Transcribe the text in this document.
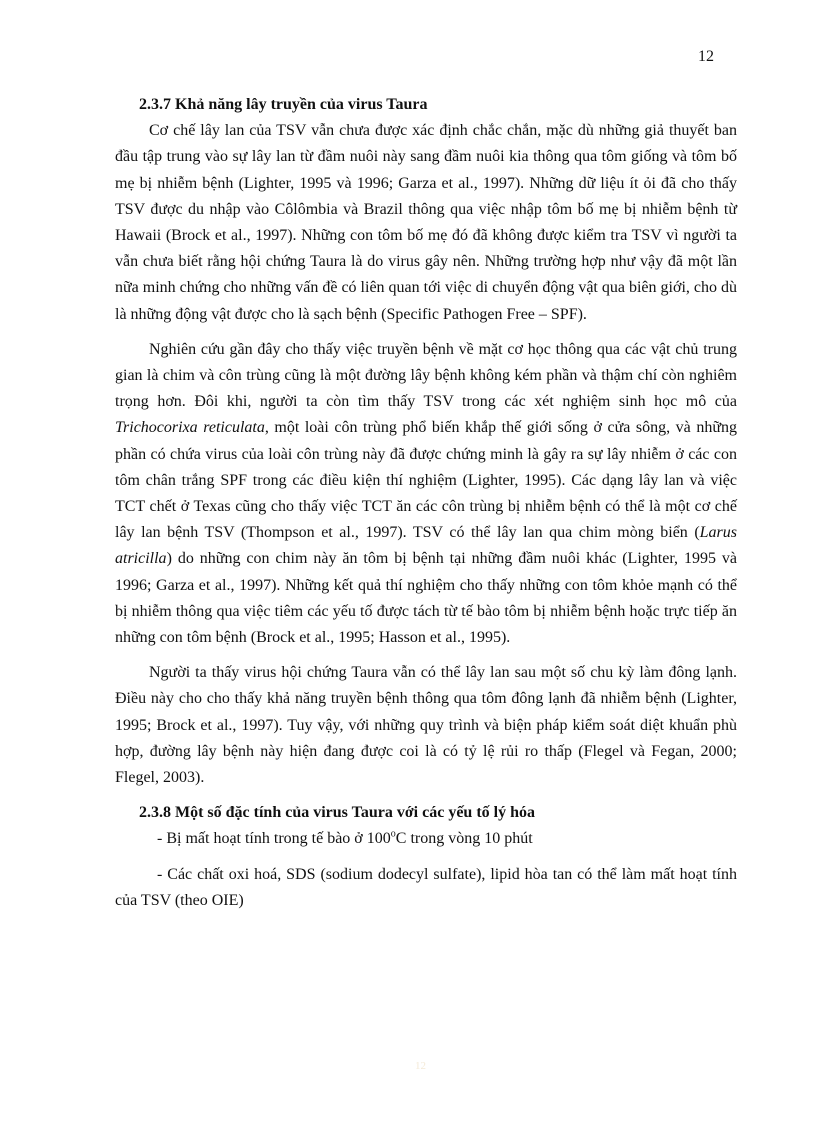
12
2.3.7 Khả năng lây truyền của virus Taura

Cơ chế lây lan của TSV vẫn chưa được xác định chắc chắn, mặc dù những giả thuyết ban đầu tập trung vào sự lây lan từ đầm nuôi này sang đầm nuôi kia thông qua tôm giống và tôm bố mẹ bị nhiễm bệnh (Lighter, 1995 và 1996; Garza et al., 1997). Những dữ liệu ít ỏi đã cho thấy TSV được du nhập vào Côlômbia và Brazil thông qua việc nhập tôm bố mẹ bị nhiễm bệnh từ Hawaii (Brock et al., 1997). Những con tôm bố mẹ đó đã không được kiểm tra TSV vì người ta vẫn chưa biết rằng hội chứng Taura là do virus gây nên. Những trường hợp như vậy đã một lần nữa minh chứng cho những vấn đề có liên quan tới việc di chuyển động vật qua biên giới, cho dù là những động vật được cho là sạch bệnh (Specific Pathogen Free – SPF).

Nghiên cứu gần đây cho thấy việc truyền bệnh về mặt cơ học thông qua các vật chủ trung gian là chim và côn trùng cũng là một đường lây bệnh không kém phần và thậm chí còn nghiêm trọng hơn. Đôi khi, người ta còn tìm thấy TSV trong các xét nghiệm sinh học mô của Trichocorixa reticulata, một loài côn trùng phổ biến khắp thế giới sống ở cửa sông, và những phần có chứa virus của loài côn trùng này đã được chứng minh là gây ra sự lây nhiễm ở các con tôm chân trắng SPF trong các điều kiện thí nghiệm (Lighter, 1995). Các dạng lây lan và việc TCT chết ở Texas cũng cho thấy việc TCT ăn các côn trùng bị nhiễm bệnh có thể là một cơ chế lây lan bệnh TSV (Thompson et al., 1997). TSV có thể lây lan qua chim mòng biển (Larus atricilla) do những con chim này ăn tôm bị bệnh tại những đầm nuôi khác (Lighter, 1995 và 1996; Garza et al., 1997). Những kết quả thí nghiệm cho thấy những con tôm khỏe mạnh có thể bị nhiễm thông qua việc tiêm các yếu tố được tách từ tế bào tôm bị nhiễm bệnh hoặc trực tiếp ăn những con tôm bệnh (Brock et al., 1995; Hasson et al., 1995).

Người ta thấy virus hội chứng Taura vẫn có thể lây lan sau một số chu kỳ làm đông lạnh. Điều này cho cho thấy khả năng truyền bệnh thông qua tôm đông lạnh đã nhiễm bệnh (Lighter, 1995; Brock et al., 1997). Tuy vậy, với những quy trình và biện pháp kiểm soát diệt khuẩn phù hợp, đường lây bệnh này hiện đang được coi là có tỷ lệ rủi ro thấp (Flegel và Fegan, 2000; Flegel, 2003).

2.3.8 Một số đặc tính của virus Taura với các yếu tố lý hóa

- Bị mất hoạt tính trong tế bào ở 100$^o$C trong vòng 10 phút

- Các chất oxi hoá, SDS (sodium dodecyl sulfate), lipid hòa tan có thể làm mất hoạt tính của TSV (theo OIE)

12
